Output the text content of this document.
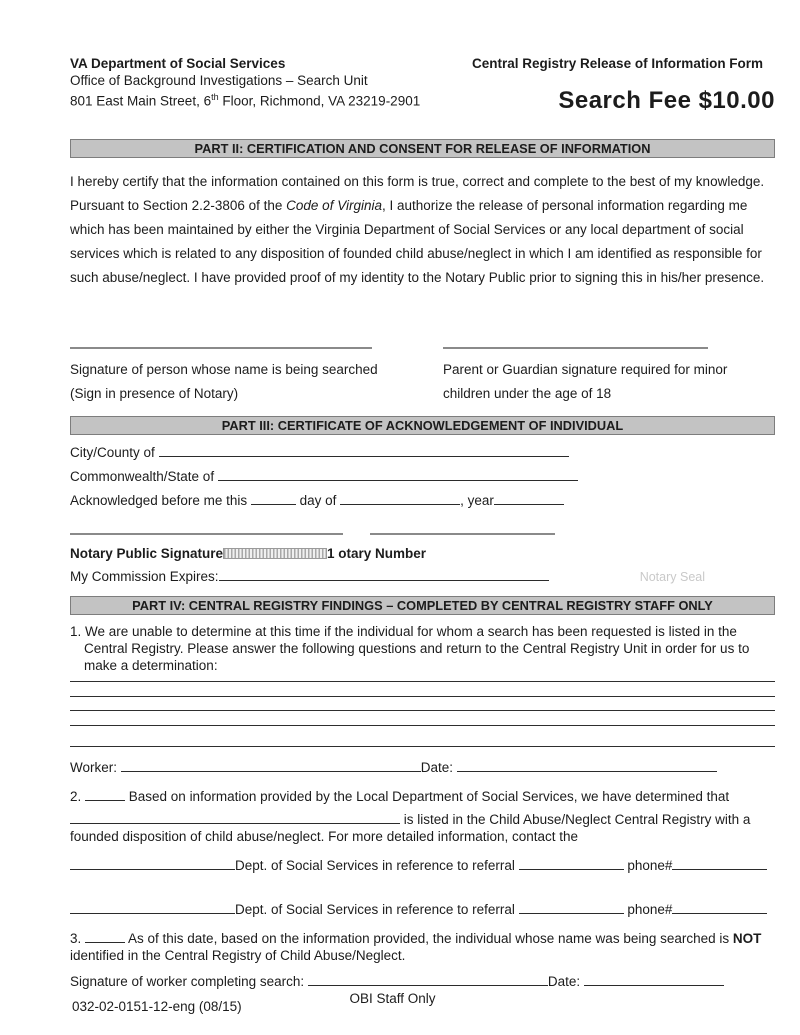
VA Department of Social Services
Office of Background Investigations – Search Unit
801 East Main Street, 6th Floor, Richmond, VA 23219-2901
Central Registry Release of Information Form
Search Fee $10.00
PART II: CERTIFICATION AND CONSENT FOR RELEASE OF INFORMATION

I hereby certify that the information contained on this form is true, correct and complete to the best of my knowledge. Pursuant to Section 2.2-3806 of the Code of Virginia, I authorize the release of personal information regarding me which has been maintained by either the Virginia Department of Social Services or any local department of social services which is related to any disposition of founded child abuse/neglect in which I am identified as responsible for such abuse/neglect. I have provided proof of my identity to the Notary Public prior to signing this in his/her presence.

Signature of person whose name is being searched
(Sign in presence of Notary)
Parent or Guardian signature required for minor
children under the age of 18
PART III: CERTIFICATE OF ACKNOWLEDGEMENT OF INDIVIDUAL
City/County of
Commonwealth/State of
Acknowledged before me this	day of	, year
Notary Public Signature	1 otary Number
My Commission Expires:	Notary Seal
PART IV: CENTRAL REGISTRY FINDINGS – COMPLETED BY CENTRAL REGISTRY STAFF ONLY

1. We are unable to determine at this time if the individual for whom a search has been requested is listed in the Central Registry. Please answer the following questions and return to the Central Registry Unit in order for us to make a determination:

Worker:	Date:

2.	Based on information provided by the Local Department of Social Services, we have determined that

is listed in the Child Abuse/Neglect Central Registry with a founded disposition of child abuse/neglect. For more detailed information, contact the

Dept. of Social Services in reference to referral	phone#
Dept. of Social Services in reference to referral	phone#

3.	As of this date, based on the information provided, the individual whose name was being searched is NOT identified in the Central Registry of Child Abuse/Neglect.

Signature of worker completing search:	Date:
OBI Staff Only
032-02-0151-12-eng (08/15)
